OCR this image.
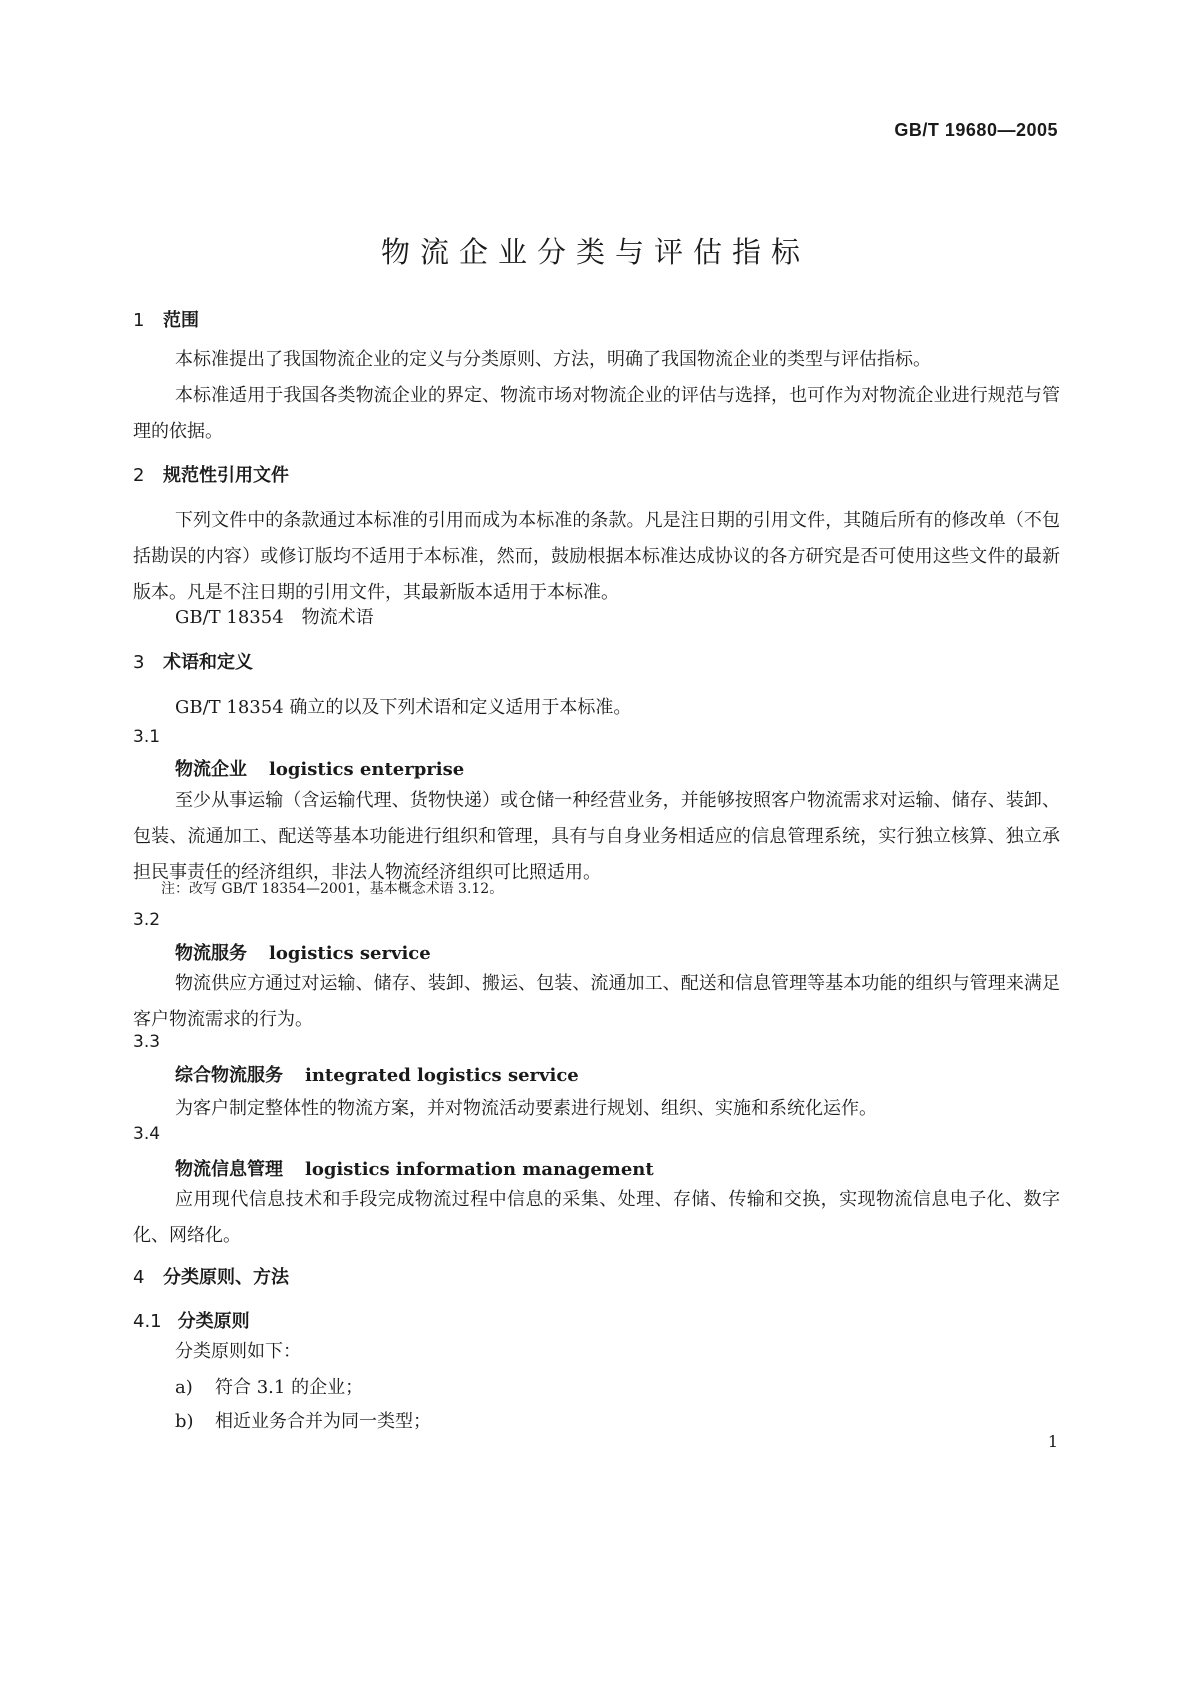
GB/T 19680—2005
物流企业分类与评估指标
1 范围
本标准提出了我国物流企业的定义与分类原则、方法，明确了我国物流企业的类型与评估指标。
本标准适用于我国各类物流企业的界定、物流市场对物流企业的评估与选择，也可作为对物流企业进行规范与管理的依据。
2 规范性引用文件
下列文件中的条款通过本标准的引用而成为本标准的条款。凡是注日期的引用文件，其随后所有的修改单（不包括勘误的内容）或修订版均不适用于本标准，然而，鼓励根据本标准达成协议的各方研究是否可使用这些文件的最新版本。凡是不注日期的引用文件，其最新版本适用于本标准。
GB/T 18354　物流术语
3 术语和定义
GB/T 18354 确立的以及下列术语和定义适用于本标准。
3.1
物流企业 logistics enterprise
至少从事运输（含运输代理、货物快递）或仓储一种经营业务，并能够按照客户物流需求对运输、储存、装卸、包装、流通加工、配送等基本功能进行组织和管理，具有与自身业务相适应的信息管理系统，实行独立核算、独立承担民事责任的经济组织，非法人物流经济组织可比照适用。
注：改写 GB/T 18354—2001，基本概念术语 3.12。
3.2
物流服务 logistics service
物流供应方通过对运输、储存、装卸、搬运、包装、流通加工、配送和信息管理等基本功能的组织与管理来满足客户物流需求的行为。
3.3
综合物流服务 integrated logistics service
为客户制定整体性的物流方案，并对物流活动要素进行规划、组织、实施和系统化运作。
3.4
物流信息管理 logistics information management
应用现代信息技术和手段完成物流过程中信息的采集、处理、存储、传输和交换，实现物流信息电子化、数字化、网络化。
4 分类原则、方法
4.1 分类原则
分类原则如下：
a) 符合 3.1 的企业；
b) 相近业务合并为同一类型；
1
